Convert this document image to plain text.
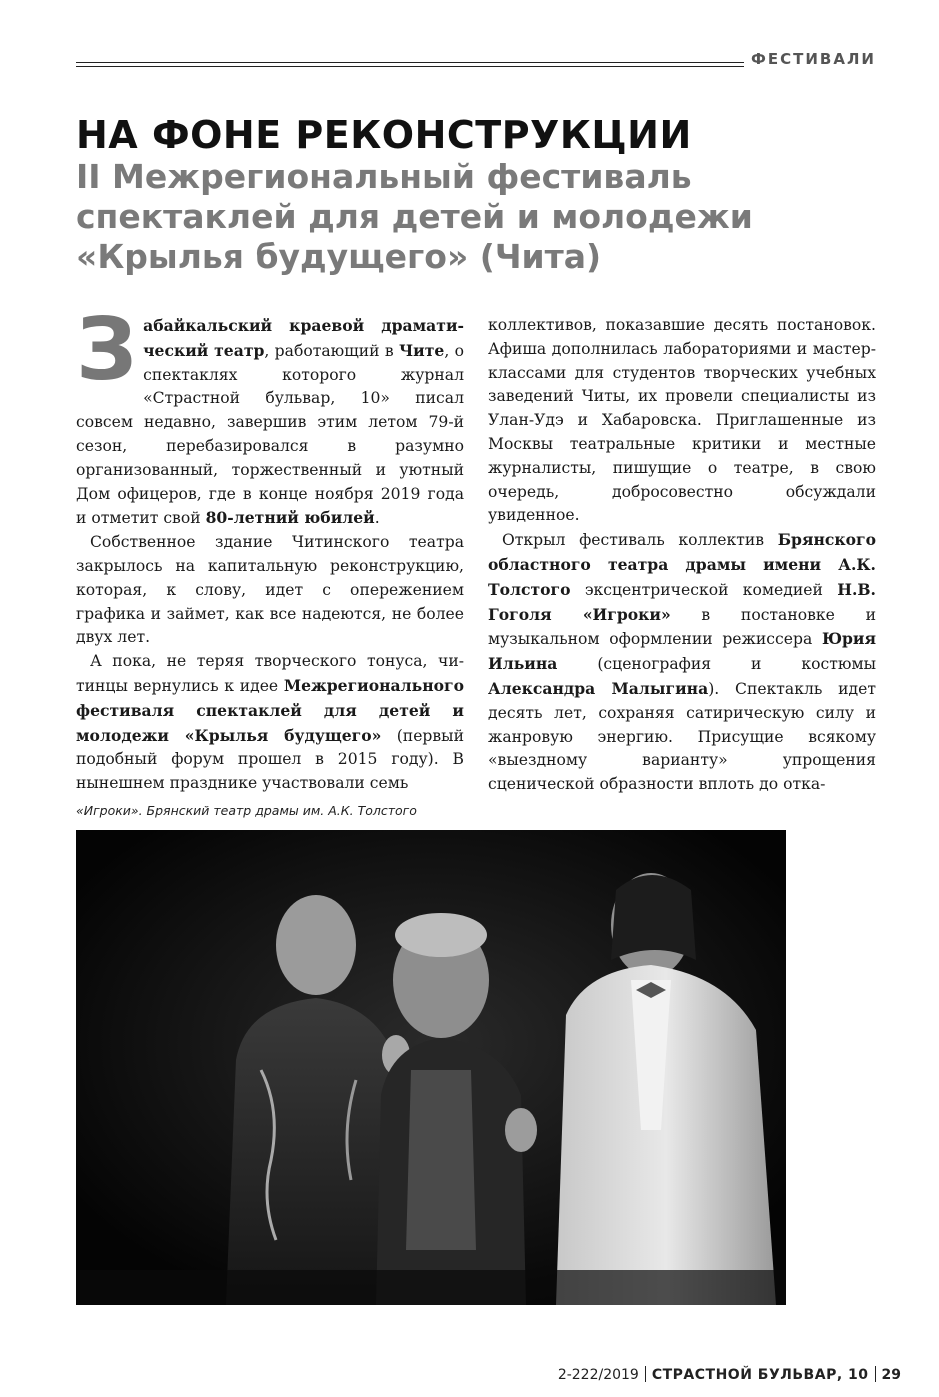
ФЕСТИВАЛИ
НА ФОНЕ РЕКОНСТРУКЦИИ
II Межрегиональный фестиваль спектаклей для детей и молодежи «Крылья будущего» (Чита)

Забайкальский краевой драматический театр, работающий в Чите, о спектаклях которого журнал «Страстной бульвар, 10» писал совсем недавно, завершив этим летом 79-й сезон, перебазировался в разумно организованный, торжественный и уютный Дом офицеров, где в конце ноября 2019 года и отметит свой 80-летний юбилей.

Собственное здание Читинского театра закрылось на капитальную реконструкцию, которая, к слову, идет с опережением графика и займет, как все надеются, не более двух лет.

А пока, не теряя творческого тонуса, читинцы вернулись к идее Межрегионального фестиваля спектаклей для детей и молодежи «Крылья будущего» (первый подобный форум прошел в 2015 году). В нынешнем празднике участвовали семь

коллективов, показавшие десять постановок. Афиша дополнилась лабораториями и мастер-классами для студентов творческих учебных заведений Читы, их провели специалисты из Улан-Удэ и Хабаровска. Приглашенные из Москвы театральные критики и местные журналисты, пишущие о театре, в свою очередь, добросовестно обсуждали увиденное.

Открыл фестиваль коллектив Брянского областного театра драмы имени А.К. Толстого эксцентрической комедией Н.В. Гоголя «Игроки» в постановке и музыкальном оформлении режиссера Юрия Ильина (сценография и костюмы Александра Малыгина). Спектакль идет десять лет, сохраняя сатирическую силу и жанровую энергию. Присущие всякому «выездному варианту» упрощения сценической образности вплоть до отка-

«Игроки». Брянский театр драмы им. А.К. Толстого
2-222/2019 СТРАСТНОЙ БУЛЬВАР, 10 29
